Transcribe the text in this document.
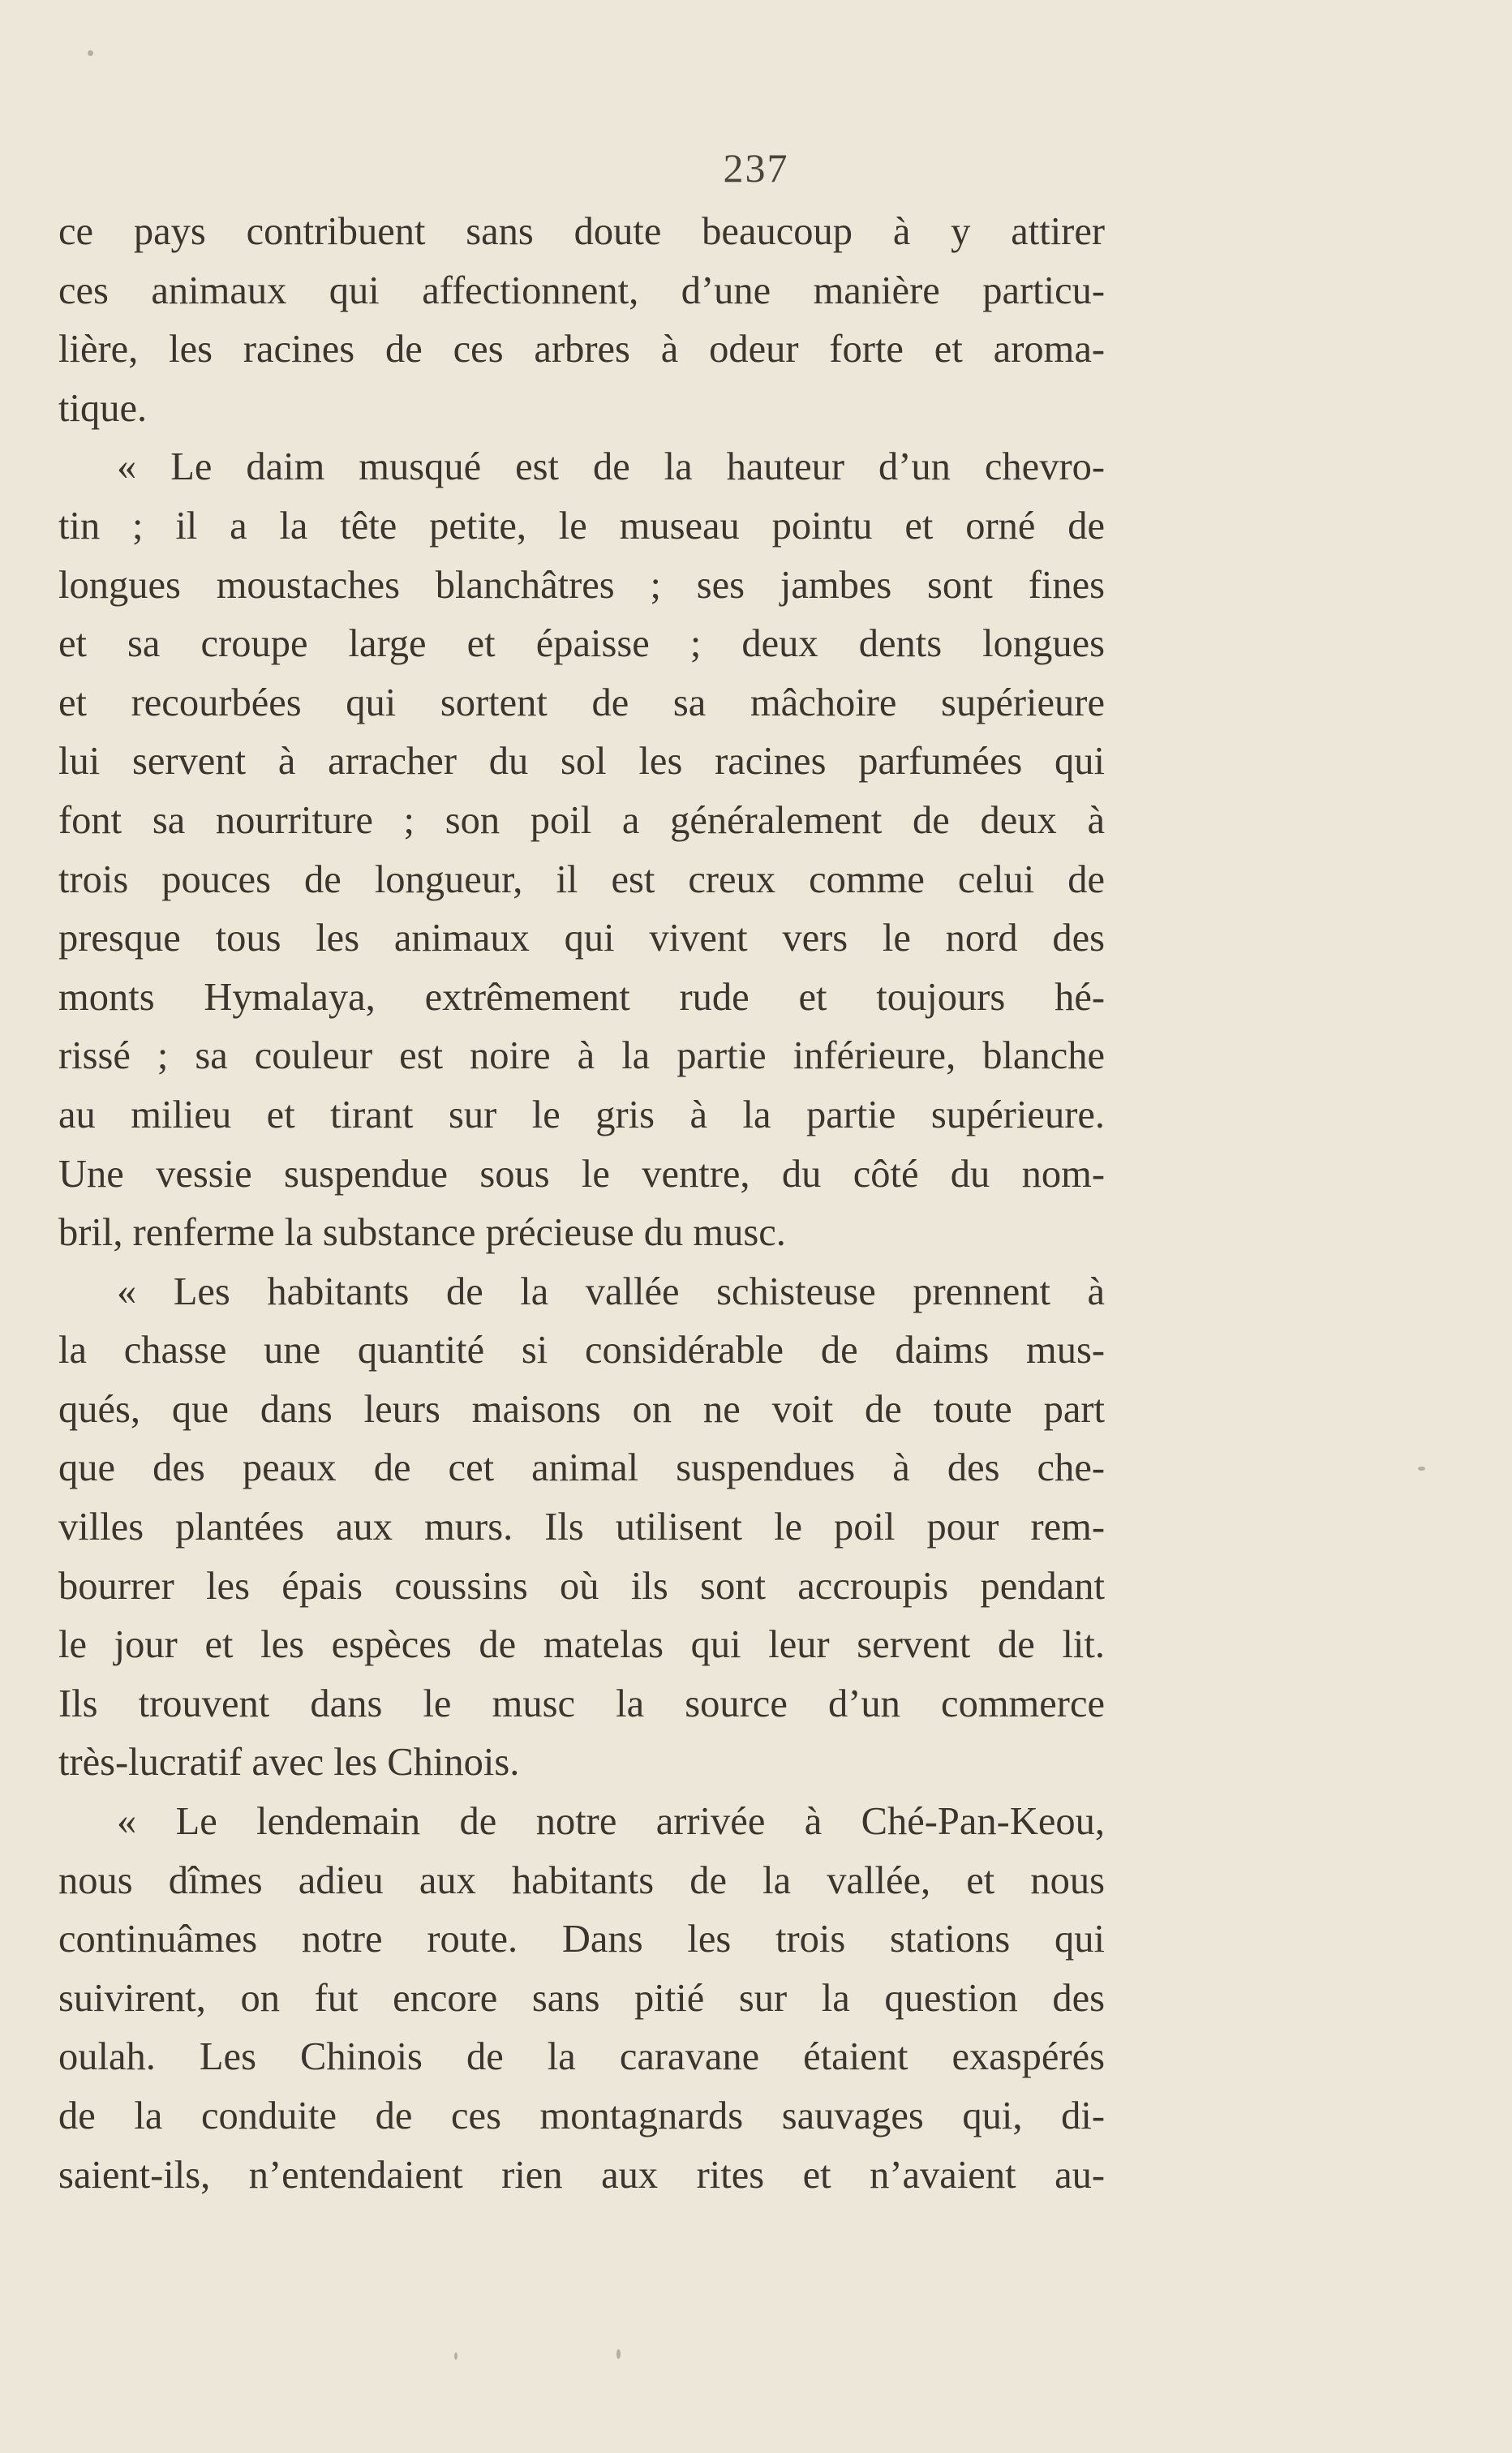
237
ce pays contribuent sans doute beaucoup à y attirer
ces animaux qui affectionnent, d’une manière particu-
lière, les racines de ces arbres à odeur forte et aroma-
tique.
« Le daim musqué est de la hauteur d’un chevro-
tin ; il a la tête petite, le museau pointu et orné de
longues moustaches blanchâtres ; ses jambes sont fines
et sa croupe large et épaisse ; deux dents longues
et recourbées qui sortent de sa mâchoire supérieure
lui servent à arracher du sol les racines parfumées qui
font sa nourriture ; son poil a généralement de deux à
trois pouces de longueur, il est creux comme celui de
presque tous les animaux qui vivent vers le nord des
monts Hymalaya, extrêmement rude et toujours hé-
rissé ; sa couleur est noire à la partie inférieure, blanche
au milieu et tirant sur le gris à la partie supérieure.
Une vessie suspendue sous le ventre, du côté du nom-
bril, renferme la substance précieuse du musc.
« Les habitants de la vallée schisteuse prennent à
la chasse une quantité si considérable de daims mus-
qués, que dans leurs maisons on ne voit de toute part
que des peaux de cet animal suspendues à des che-
villes plantées aux murs. Ils utilisent le poil pour rem-
bourrer les épais coussins où ils sont accroupis pendant
le jour et les espèces de matelas qui leur servent de lit.
Ils trouvent dans le musc la source d’un commerce
très-lucratif avec les Chinois.
« Le lendemain de notre arrivée à Ché-Pan-Keou,
nous dîmes adieu aux habitants de la vallée, et nous
continuâmes notre route. Dans les trois stations qui
suivirent, on fut encore sans pitié sur la question des
oulah. Les Chinois de la caravane étaient exaspérés
de la conduite de ces montagnards sauvages qui, di-
saient-ils, n’entendaient rien aux rites et n’avaient au-
